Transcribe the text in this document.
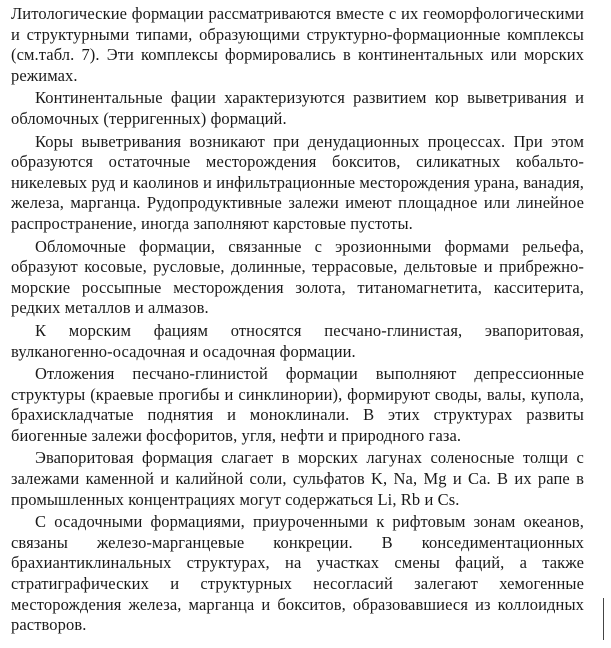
Литологические формации рассматриваются вместе с их геоморфологическими и структурными типами, образующими структурно-формационные комплексы (см.табл. 7). Эти комплексы формировались в континентальных или морских режимах.

Континентальные фации характеризуются развитием кор выветривания и обломочных (терригенных) формаций.

Коры выветривания возникают при денудационных процессах. При этом образуются остаточные месторождения бокситов, силикатных кобальто-никелевых руд и каолинов и инфильтрационные месторождения урана, ванадия, железа, марганца. Рудопродуктивные залежи имеют площадное или линейное распространение, иногда заполняют карстовые пустоты.

Обломочные формации, связанные с эрозионными формами рельефа, образуют косовые, русловые, долинные, террасовые, дельтовые и прибрежно-морские россыпные месторождения золота, титаномагнетита, касситерита, редких металлов и алмазов.

К морским фациям относятся песчано-глинистая, эвапоритовая, вулканогенно-осадочная и осадочная формации.

Отложения песчано-глинистой формации выполняют депрессионные структуры (краевые прогибы и синклинории), формируют своды, валы, купола, брахискладчатые поднятия и моноклинали. В этих структурах развиты биогенные залежи фосфоритов, угля, нефти и природного газа.

Эвапоритовая формация слагает в морских лагунах соленосные толщи с залежами каменной и калийной соли, сульфатов K, Na, Mg и Ca. В их рапе в промышленных концентрациях могут содержаться Li, Rb и Cs.

С осадочными формациями, приуроченными к рифтовым зонам океанов, связаны железо-марганцевые конкреции. В конседиментационных брахиантиклинальных структурах, на участках смены фаций, а также стратиграфических и структурных несогласий залегают хемогенные месторождения железа, марганца и бокситов, образовавшиеся из коллоидных растворов.
